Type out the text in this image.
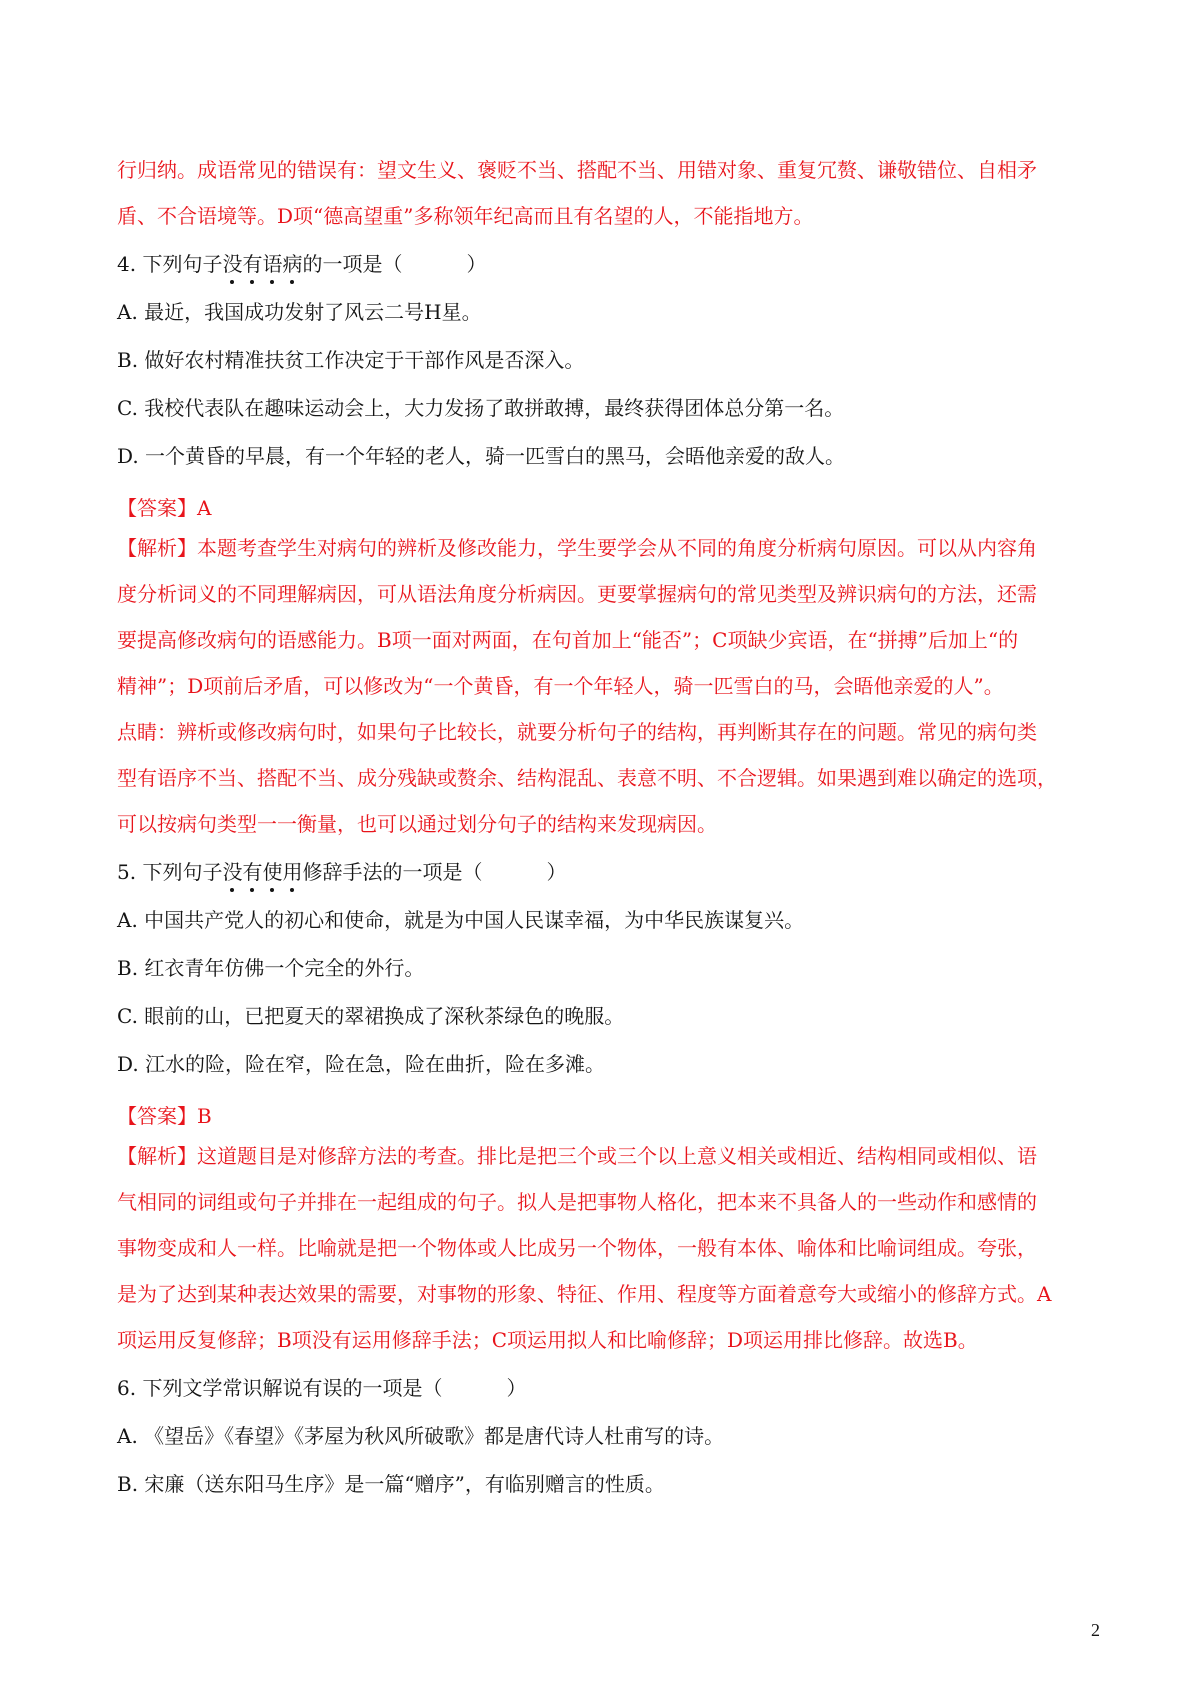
行归纳。成语常见的错误有：望文生义、褒贬不当、搭配不当、用错对象、重复冗赘、谦敬错位、自相矛

盾、不合语境等。D项“德高望重”多称领年纪高而且有名望的人，不能指地方。

4. 下列句子没有语病的一项是（	）

A. 最近，我国成功发射了风云二号H星。

B. 做好农村精准扶贫工作决定于干部作风是否深入。

C. 我校代表队在趣味运动会上，大力发扬了敢拼敢搏，最终获得团体总分第一名。

D. 一个黄昏的早晨，有一个年轻的老人，骑一匹雪白的黑马，会晤他亲爱的敌人。

【答案】A

【解析】本题考查学生对病句的辨析及修改能力，学生要学会从不同的角度分析病句原因。可以从内容角

度分析词义的不同理解病因，可从语法角度分析病因。更要掌握病句的常见类型及辨识病句的方法，还需

要提高修改病句的语感能力。B项一面对两面，在句首加上“能否”；C项缺少宾语，在“拼搏”后加上“的

精神”；D项前后矛盾，可以修改为“一个黄昏，有一个年轻人，骑一匹雪白的马，会晤他亲爱的人”。

点睛：辨析或修改病句时，如果句子比较长，就要分析句子的结构，再判断其存在的问题。常见的病句类

型有语序不当、搭配不当、成分残缺或赘余、结构混乱、表意不明、不合逻辑。如果遇到难以确定的选项，

可以按病句类型一一衡量，也可以通过划分句子的结构来发现病因。

5. 下列句子没有使用修辞手法的一项是（	）

A. 中国共产党人的初心和使命，就是为中国人民谋幸福，为中华民族谋复兴。

B. 红衣青年仿佛一个完全的外行。

C. 眼前的山，已把夏天的翠裙换成了深秋茶绿色的晚服。

D. 江水的险，险在窄，险在急，险在曲折，险在多滩。

【答案】B

【解析】这道题目是对修辞方法的考查。排比是把三个或三个以上意义相关或相近、结构相同或相似、语

气相同的词组或句子并排在一起组成的句子。拟人是把事物人格化，把本来不具备人的一些动作和感情的

事物变成和人一样。比喻就是把一个物体或人比成另一个物体，一般有本体、喻体和比喻词组成。夸张，

是为了达到某种表达效果的需要，对事物的形象、特征、作用、程度等方面着意夸大或缩小的修辞方式。A

项运用反复修辞；B项没有运用修辞手法；C项运用拟人和比喻修辞；D项运用排比修辞。故选B。

6. 下列文学常识解说有误的一项是（	）

A. 《望岳》《春望》《茅屋为秋风所破歌》都是唐代诗人杜甫写的诗。

B. 宋廉（送东阳马生序》是一篇“赠序”，有临别赠言的性质。

2
